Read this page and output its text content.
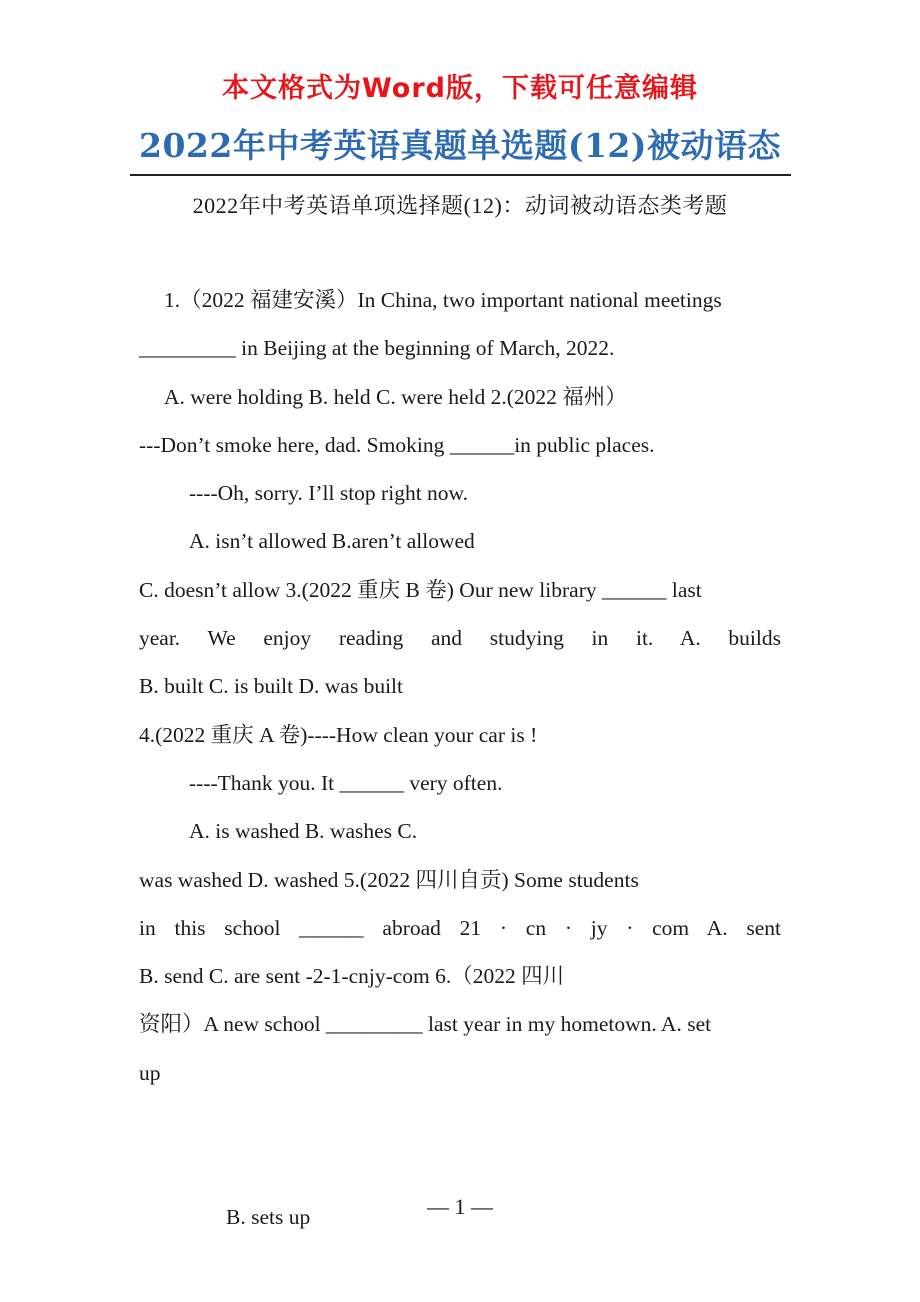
本文格式为Word版，下载可任意编辑
2022年中考英语真题单选题(12)被动语态
2022年中考英语单项选择题(12)：动词被动语态类考题
1.（2022 福建安溪）In China, two important national meetings
_________ in Beijing at the beginning of March, 2022.
A. were holding B. held C. were held 2.(2022 福州）
---Don’t smoke here, dad. Smoking ______in public places.
----Oh, sorry. I’ll stop right now.
A. isn’t allowed B.aren’t allowed
C. doesn’t allow 3.(2022 重庆 B 卷) Our new library ______ last
year. We enjoy reading and studying in it. A. builds
B. built C. is built D. was built
4.(2022 重庆 A 卷)----How clean your car is !
----Thank you. It ______ very often.
A. is washed B. washes C.
was washed D. washed 5.(2022 四川自贡) Some students
in this school ______ abroad 21 · cn · jy · com A. sent
B. send C. are sent -2-1-cnjy-com 6.（2022 四川
资阳）A new school _________ last year in my hometown. A. set
up
B. sets up	— 1 —
